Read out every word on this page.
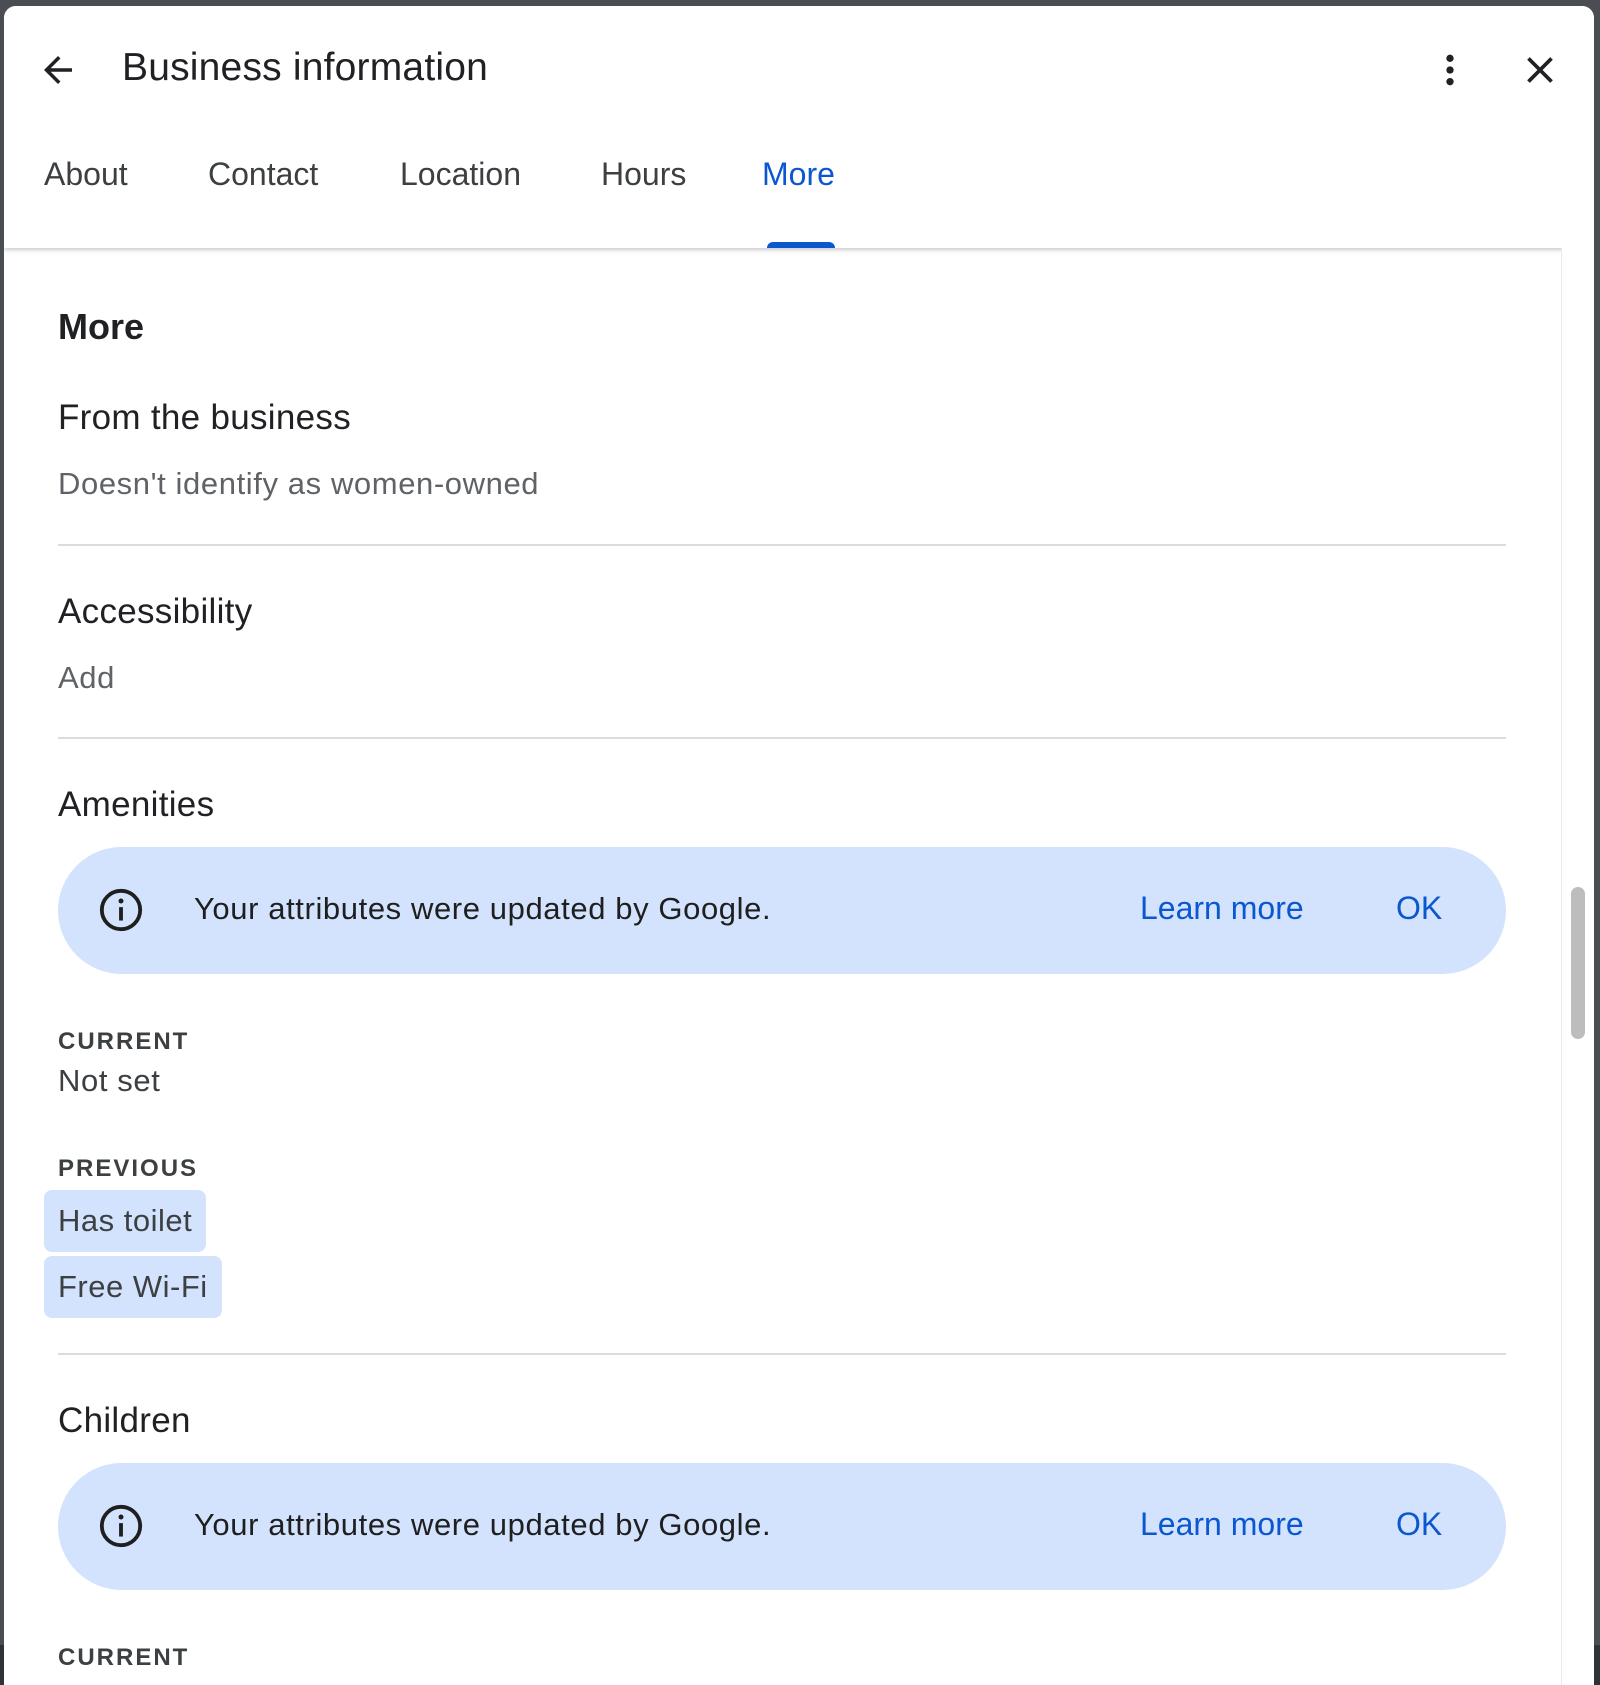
Business information
About	Contact	Location	Hours More
More
From the business
Doesn't identify as women-owned
Accessibility
Add
Amenities
Your attributes were updated by Google.	Learn more	OK
CURRENT
Not set
PREVIOUS
Has toilet
Free Wi-Fi
Children
Your attributes were updated by Google.	Learn more	OK
CURRENT
